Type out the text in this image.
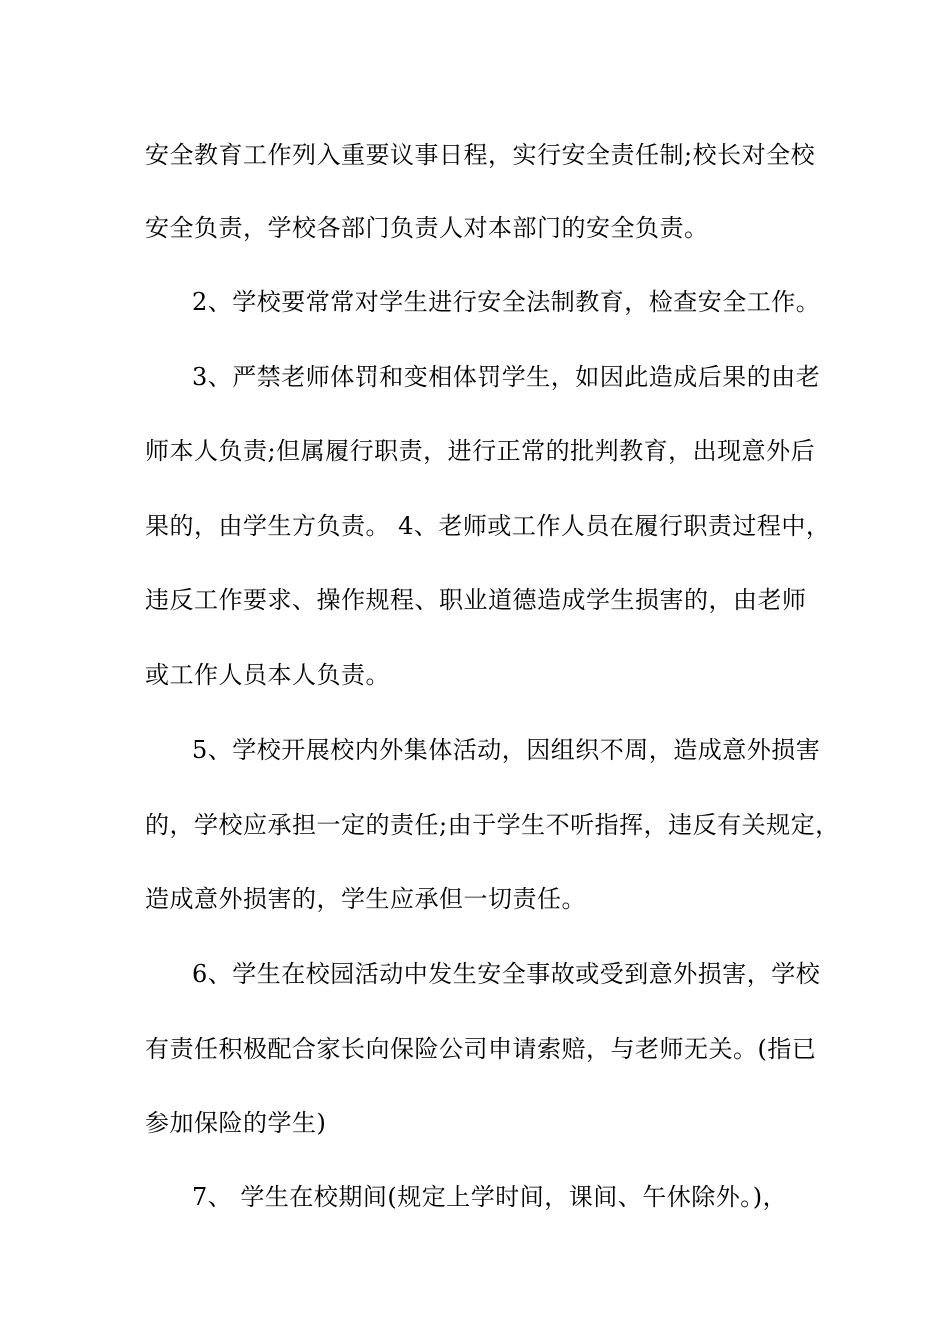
安全教育工作列入重要议事日程，实行安全责任制;校长对全校
安全负责，学校各部门负责人对本部门的安全负责。
2、学校要常常对学生进行安全法制教育，检查安全工作。
3、严禁老师体罚和变相体罚学生，如因此造成后果的由老
师本人负责;但属履行职责，进行正常的批判教育，出现意外后
果的，由学生方负责。 4、老师或工作人员在履行职责过程中，
违反工作要求、操作规程、职业道德造成学生损害的，由老师
或工作人员本人负责。
5、学校开展校内外集体活动，因组织不周，造成意外损害
的，学校应承担一定的责任;由于学生不听指挥，违反有关规定，
造成意外损害的，学生应承但一切责任。
6、学生在校园活动中发生安全事故或受到意外损害，学校
有责任积极配合家长向保险公司申请索赔，与老师无关。(指已
参加保险的学生)
7、 学生在校期间(规定上学时间，课间、午休除外。)，
